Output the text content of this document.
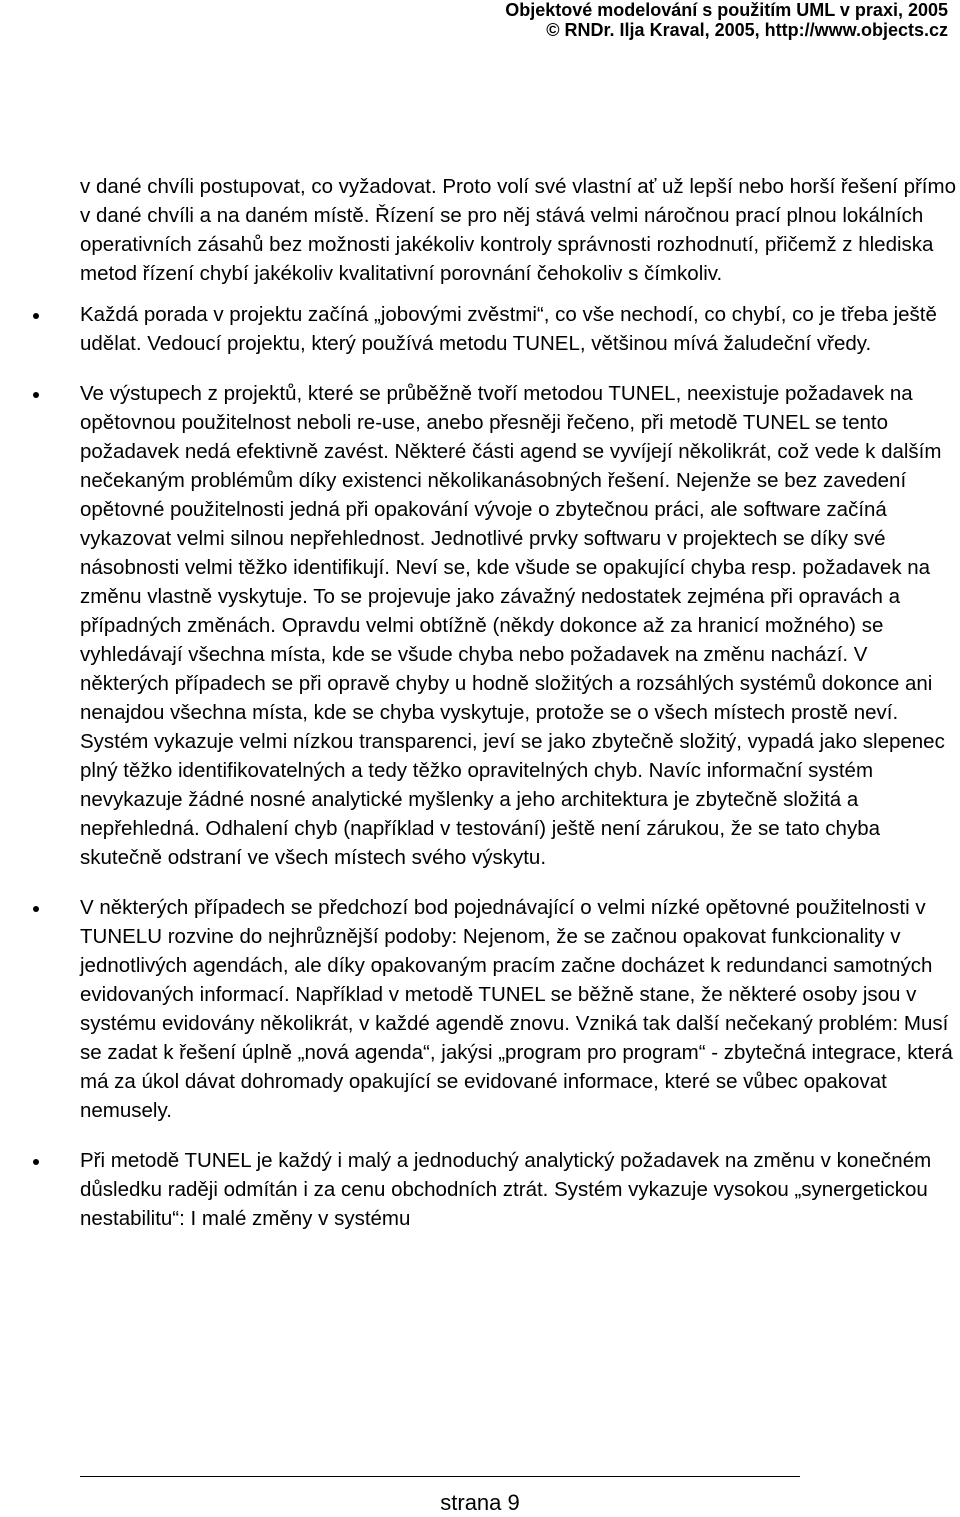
Objektové modelování s použitím UML v praxi, 2005
© RNDr. Ilja Kraval, 2005, http://www.objects.cz

v dané chvíli postupovat, co vyžadovat. Proto volí své vlastní ať už lepší nebo horší řešení přímo v dané chvíli a na daném místě. Řízení se pro něj stává velmi náročnou prací plnou lokálních operativních zásahů bez možnosti jakékoliv kontroly správnosti rozhodnutí, přičemž z hlediska metod řízení chybí jakékoliv kvalitativní porovnání čehokoliv s čímkoliv.

Každá porada v projektu začíná „jobovými zvěstmi“, co vše nechodí, co chybí, co je třeba ještě udělat. Vedoucí projektu, který používá metodu TUNEL, většinou mívá žaludeční vředy.
Ve výstupech z projektů, které se průběžně tvoří metodou TUNEL, neexistuje požadavek na opětovnou použitelnost neboli re-use, anebo přesněji řečeno, při metodě TUNEL se tento požadavek nedá efektivně zavést. Některé části agend se vyvíjejí několikrát, což vede k dalším nečekaným problémům díky existenci několikanásobných řešení. Nejenže se bez zavedení opětovné použitelnosti jedná při opakování vývoje o zbytečnou práci, ale software začíná vykazovat velmi silnou nepřehlednost. Jednotlivé prvky softwaru v projektech se díky své násobnosti velmi těžko identifikují. Neví se, kde všude se opakující chyba resp. požadavek na změnu vlastně vyskytuje. To se projevuje jako závažný nedostatek zejména při opravách a případných změnách. Opravdu velmi obtížně (někdy dokonce až za hranicí možného) se vyhledávají všechna místa, kde se všude chyba nebo požadavek na změnu nachází. V některých případech se při opravě chyby u hodně složitých a rozsáhlých systémů dokonce ani nenajdou všechna místa, kde se chyba vyskytuje, protože se o všech místech prostě neví. Systém vykazuje velmi nízkou transparenci, jeví se jako zbytečně složitý, vypadá jako slepenec plný těžko identifikovatelných a tedy těžko opravitelných chyb. Navíc informační systém nevykazuje žádné nosné analytické myšlenky a jeho architektura je zbytečně složitá a nepřehledná. Odhalení chyb (například v testování) ještě není zárukou, že se tato chyba skutečně odstraní ve všech místech svého výskytu.
V některých případech se předchozí bod pojednávající o velmi nízké opětovné použitelnosti v TUNELU rozvine do nejhrůznější podoby: Nejenom, že se začnou opakovat funkcionality v jednotlivých agendách, ale díky opakovaným pracím začne docházet k redundanci samotných evidovaných informací. Například v metodě TUNEL se běžně stane, že některé osoby jsou v systému evidovány několikrát, v každé agendě znovu. Vzniká tak další nečekaný problém: Musí se zadat k řešení úplně „nová agenda“, jakýsi „program pro program“ - zbytečná integrace, která má za úkol dávat dohromady opakující se evidované informace, které se vůbec opakovat nemusely.
Při metodě TUNEL je každý i malý a jednoduchý analytický požadavek na změnu v konečném důsledku raději odmítán i za cenu obchodních ztrát. Systém vykazuje vysokou „synergetickou nestabilitu“: I malé změny v systému
strana 9
